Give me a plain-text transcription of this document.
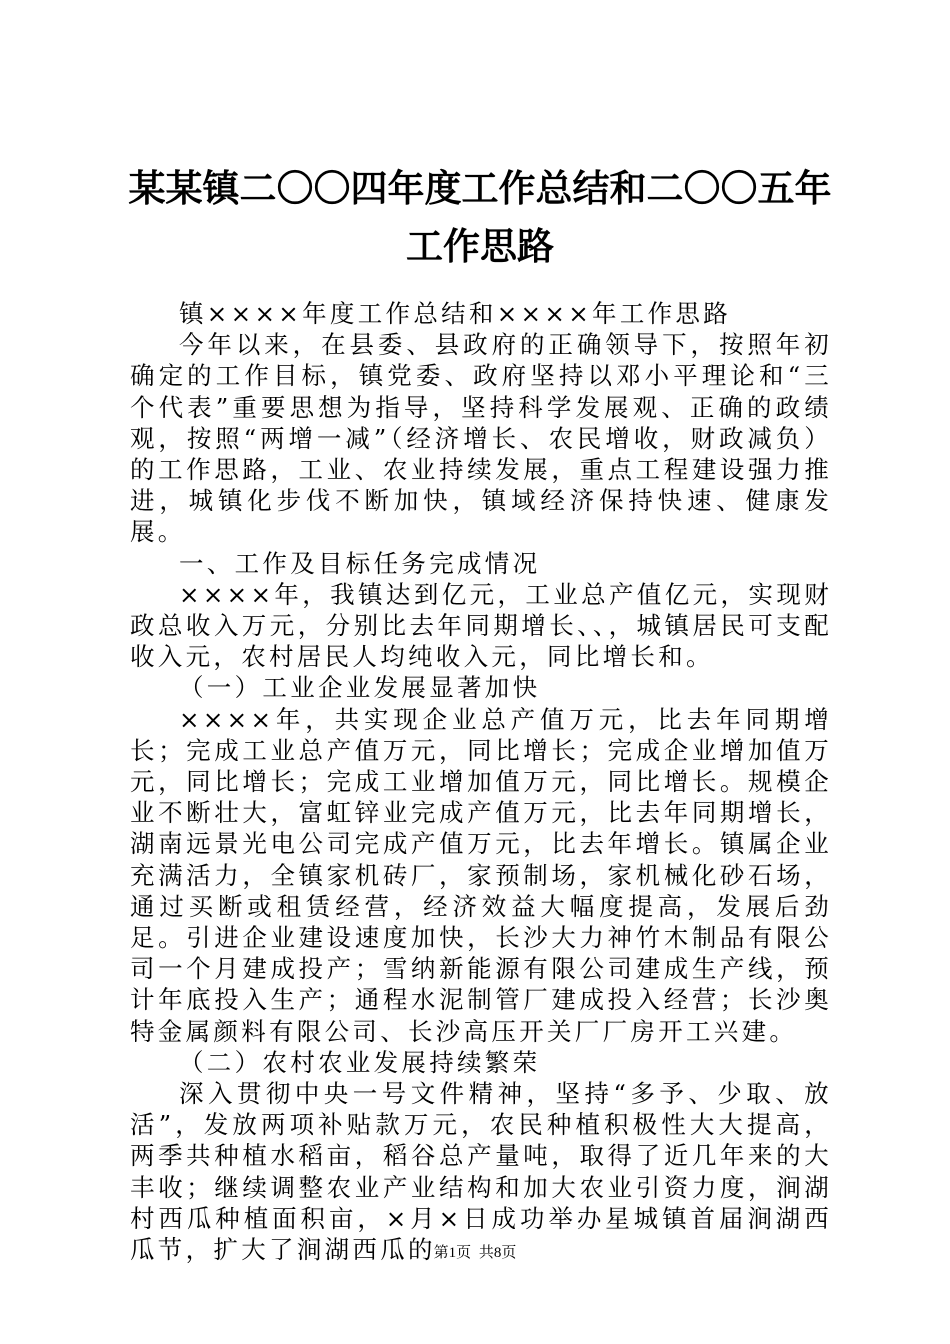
某某镇二〇〇四年度工作总结和二〇〇五年工作思路

镇××××年度工作总结和××××年工作思路

今年以来，在县委、县政府的正确领导下，按照年初确定的工作目标，镇党委、政府坚持以邓小平理论和“三个代表”重要思想为指导，坚持科学发展观、正确的政绩观，按照“两增一减”（经济增长、农民增收，财政减负）的工作思路，工业、农业持续发展，重点工程建设强力推进，城镇化步伐不断加快，镇域经济保持快速、健康发展。

一、工作及目标任务完成情况

××××年，我镇达到亿元，工业总产值亿元，实现财政总收入万元，分别比去年同期增长、、，城镇居民可支配收入元，农村居民人均纯收入元，同比增长和。

（一）工业企业发展显著加快

××××年，共实现企业总产值万元，比去年同期增长；完成工业总产值万元，同比增长；完成企业增加值万元，同比增长；完成工业增加值万元，同比增长。规模企业不断壮大，富虹锌业完成产值万元，比去年同期增长，湖南远景光电公司完成产值万元，比去年增长。镇属企业充满活力，全镇家机砖厂，家预制场，家机械化砂石场，通过买断或租赁经营，经济效益大幅度提高，发展后劲足。引进企业建设速度加快，长沙大力神竹木制品有限公司一个月建成投产；雪纳新能源有限公司建成生产线，预计年底投入生产；通程水泥制管厂建成投入经营；长沙奥特金属颜料有限公司、长沙高压开关厂厂房开工兴建。

（二）农村农业发展持续繁荣

深入贯彻中央一号文件精神，坚持“多予、少取、放活”，发放两项补贴款万元，农民种植积极性大大提高，两季共种植水稻亩，稻谷总产量吨，取得了近几年来的大丰收；继续调整农业产业结构和加大农业引资力度，涧湖村西瓜种植面积亩，×月×日成功举办星城镇首届涧湖西瓜节，扩大了涧湖西瓜的

第1页 共8页
